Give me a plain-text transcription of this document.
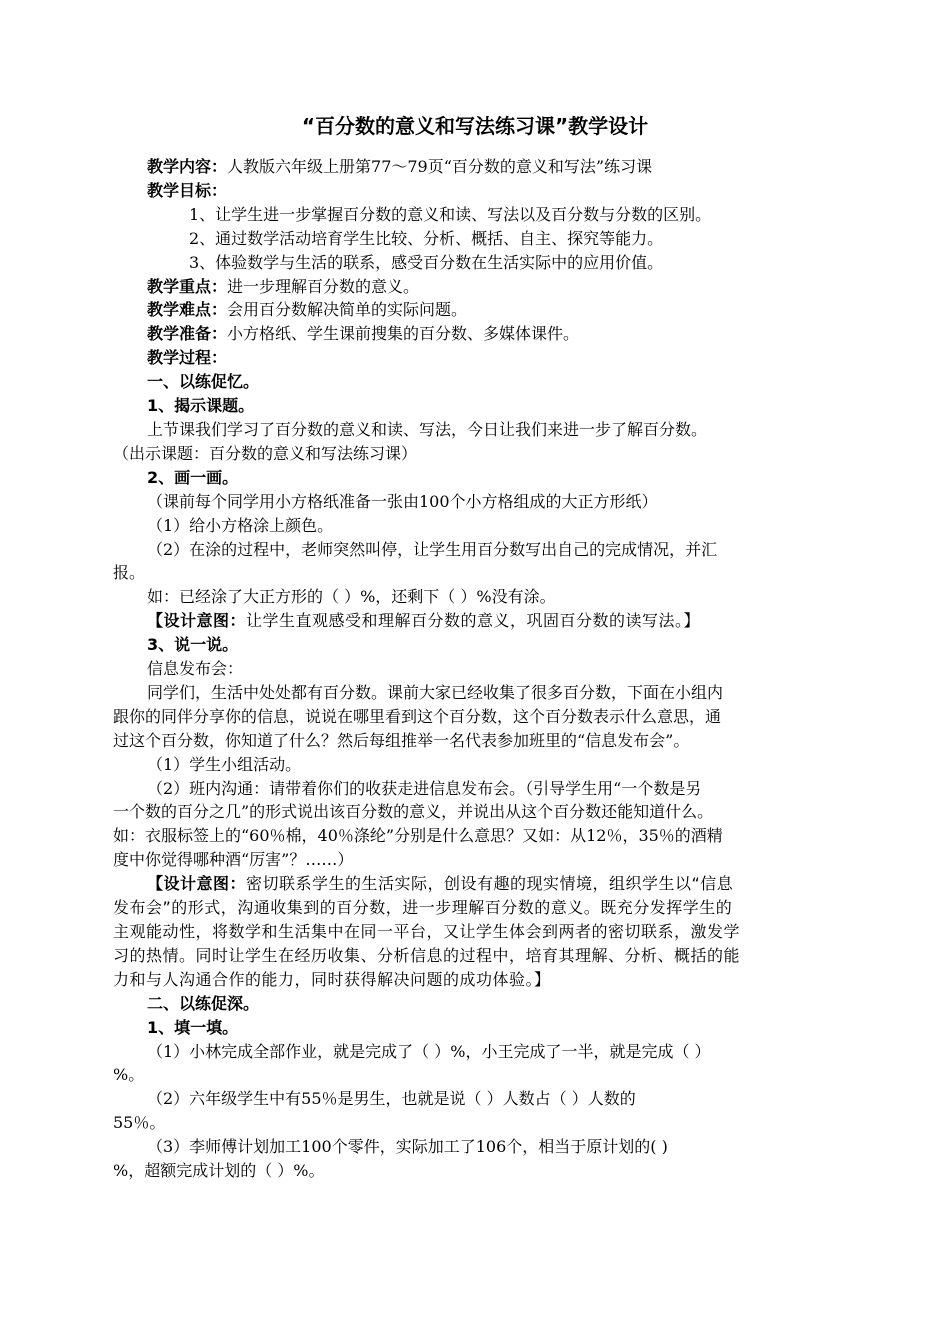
“百分数的意义和写法练习课”教学设计

教学内容：人教版六年级上册第77～79页“百分数的意义和写法”练习课

教学目标：

1、让学生进一步掌握百分数的意义和读、写法以及百分数与分数的区别。

2、通过数学活动培育学生比较、分析、概括、自主、探究等能力。

3、体验数学与生活的联系，感受百分数在生活实际中的应用价值。

教学重点：进一步理解百分数的意义。

教学难点：会用百分数解决简单的实际问题。

教学准备：小方格纸、学生课前搜集的百分数、多媒体课件。

教学过程：

一、以练促忆。

1、揭示课题。

上节课我们学习了百分数的意义和读、写法，今日让我们来进一步了解百分数。

（出示课题：百分数的意义和写法练习课）

2、画一画。

（课前每个同学用小方格纸准备一张由100个小方格组成的大正方形纸）

（1）给小方格涂上颜色。

（2）在涂的过程中，老师突然叫停，让学生用百分数写出自己的完成情况，并汇

报。

如：已经涂了大正方形的（ ）%，还剩下（ ）%没有涂。

【设计意图：让学生直观感受和理解百分数的意义，巩固百分数的读写法。】

3、说一说。

信息发布会：

同学们，生活中处处都有百分数。课前大家已经收集了很多百分数，下面在小组内

跟你的同伴分享你的信息，说说在哪里看到这个百分数，这个百分数表示什么意思，通

过这个百分数，你知道了什么？然后每组推举一名代表参加班里的“信息发布会”。

（1）学生小组活动。

（2）班内沟通：请带着你们的收获走进信息发布会。（引导学生用“一个数是另

一个数的百分之几”的形式说出该百分数的意义，并说出从这个百分数还能知道什么。

如：衣服标签上的“60％棉，40％涤纶”分别是什么意思？又如：从12％，35％的酒精

度中你觉得哪种酒“厉害”？……）

【设计意图：密切联系学生的生活实际，创设有趣的现实情境，组织学生以“信息

发布会”的形式，沟通收集到的百分数，进一步理解百分数的意义。既充分发挥学生的

主观能动性，将数学和生活集中在同一平台，又让学生体会到两者的密切联系，激发学

习的热情。同时让学生在经历收集、分析信息的过程中，培育其理解、分析、概括的能

力和与人沟通合作的能力，同时获得解决问题的成功体验。】

二、以练促深。

1、填一填。

（1）小林完成全部作业，就是完成了（ ）%，小王完成了一半，就是完成（ ）

%。

（2）六年级学生中有55％是男生，也就是说（ ）人数占（ ）人数的

55％。

（3）李师傅计划加工100个零件，实际加工了106个，相当于原计划的( )

%，超额完成计划的（ ）%。
